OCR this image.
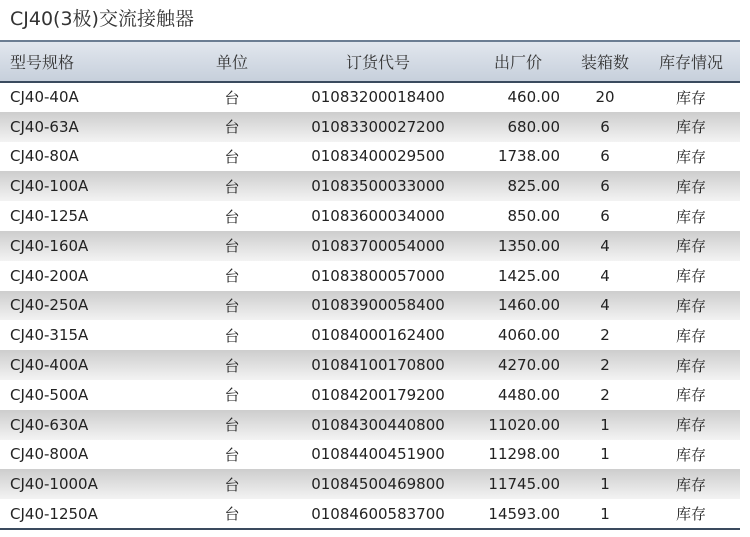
CJ40(3极)交流接触器
型号规格	单位	订货代号	出厂价	装箱数	库存情况
CJ40-40A	台	01083200018400	460.00	20	库存
CJ40-63A	台	01083300027200	680.00	6	库存
CJ40-80A	台	01083400029500	1738.00	6	库存
CJ40-100A	台	01083500033000	825.00	6	库存
CJ40-125A	台	01083600034000	850.00	6	库存
CJ40-160A	台	01083700054000	1350.00	4	库存
CJ40-200A	台	01083800057000	1425.00	4	库存
CJ40-250A	台	01083900058400	1460.00	4	库存
CJ40-315A	台	01084000162400	4060.00	2	库存
CJ40-400A	台	01084100170800	4270.00	2	库存
CJ40-500A	台	01084200179200	4480.00	2	库存
CJ40-630A	台	01084300440800	11020.00	1	库存
CJ40-800A	台	01084400451900	11298.00	1	库存
CJ40-1000A	台	01084500469800	11745.00	1	库存
CJ40-1250A	台	01084600583700	14593.00	1	库存
